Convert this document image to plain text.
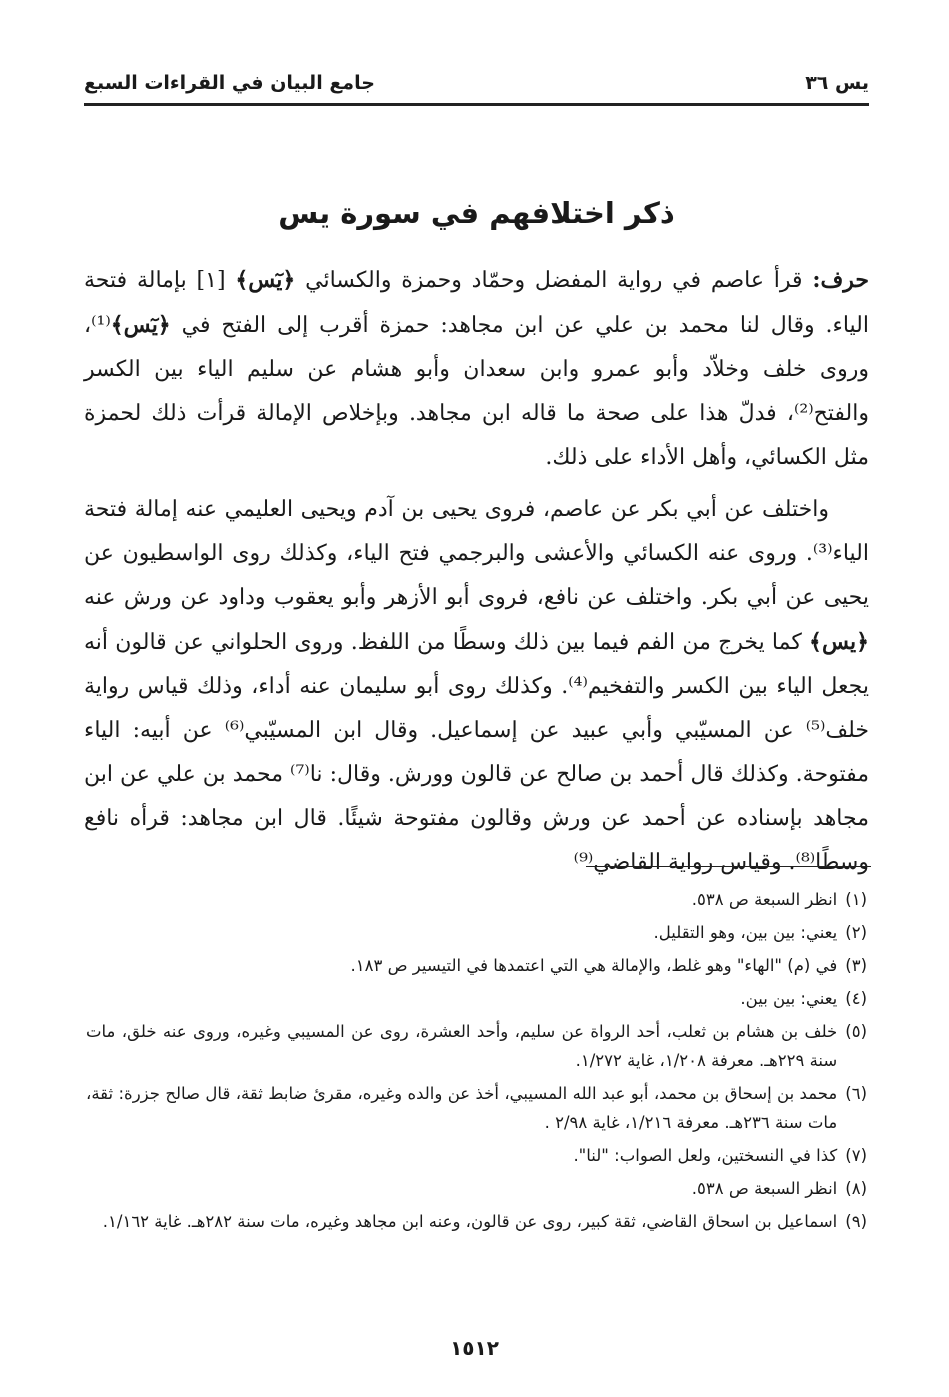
يس ٣٦
جامع البيان في القراءات السبع
ذكر اختلافهم في سورة يس

حرف: قرأ عاصم في رواية المفضل وحمّاد وحمزة والكسائي ﴿يٓس﴾ [١] بإمالة فتحة الياء. وقال لنا محمد بن علي عن ابن مجاهد: حمزة أقرب إلى الفتح في ﴿يٓس﴾⁽¹⁾، وروى خلف وخلاّد وأبو عمرو وابن سعدان وأبو هشام عن سليم الياء بين الكسر والفتح⁽²⁾، فدلّ هذا على صحة ما قاله ابن مجاهد. وبإخلاص الإمالة قرأت ذلك لحمزة مثل الكسائي، وأهل الأداء على ذلك.

واختلف عن أبي بكر عن عاصم، فروى يحيى بن آدم ويحيى العليمي عنه إمالة فتحة الياء⁽³⁾. وروى عنه الكسائي والأعشى والبرجمي فتح الياء، وكذلك روى الواسطيون عن يحيى عن أبي بكر. واختلف عن نافع، فروى أبو الأزهر وأبو يعقوب وداود عن ورش عنه ﴿يس﴾ كما يخرج من الفم فيما بين ذلك وسطًا من اللفظ. وروى الحلواني عن قالون أنه يجعل الياء بين الكسر والتفخيم⁽⁴⁾. وكذلك روى أبو سليمان عنه أداء، وذلك قياس رواية خلف⁽⁵⁾ عن المسيّبي وأبي عبيد عن إسماعيل. وقال ابن المسيّبي⁽⁶⁾ عن أبيه: الياء مفتوحة. وكذلك قال أحمد بن صالح عن قالون وورش. وقال: نا⁽⁷⁾ محمد بن علي عن ابن مجاهد بإسناده عن أحمد عن ورش وقالون مفتوحة شيئًا. قال ابن مجاهد: قرأه نافع وسطًا⁽⁸⁾. وقياس رواية القاضي⁽⁹⁾

(١)
انظر السبعة ص ٥٣٨.
(٢)
يعني: بين بين، وهو التقليل.
(٣)
في (م) "الهاء" وهو غلط، والإمالة هي التي اعتمدها في التيسير ص ١٨٣.
(٤)
يعني: بين بين.
(٥)
خلف بن هشام بن ثعلب، أحد الرواة عن سليم، وأحد العشرة، روى عن المسيبي وغيره، وروى عنه خلق، مات سنة ٢٢٩هـ. معرفة ١/٢٠٨، غاية ١/٢٧٢.
(٦)
محمد بن إسحاق بن محمد، أبو عبد الله المسيبي، أخذ عن والده وغيره، مقرئ ضابط ثقة، قال صالح جزرة: ثقة، مات سنة ٢٣٦هـ. معرفة ١/٢١٦، غاية ٢/٩٨ .
(٧)
كذا في النسختين، ولعل الصواب: "لنا".
(٨)
انظر السبعة ص ٥٣٨.
(٩)
اسماعيل بن اسحاق القاضي، ثقة كبير، روى عن قالون، وعنه ابن مجاهد وغيره، مات سنة ٢٨٢هـ. غاية ١/١٦٢.
١٥١٢
